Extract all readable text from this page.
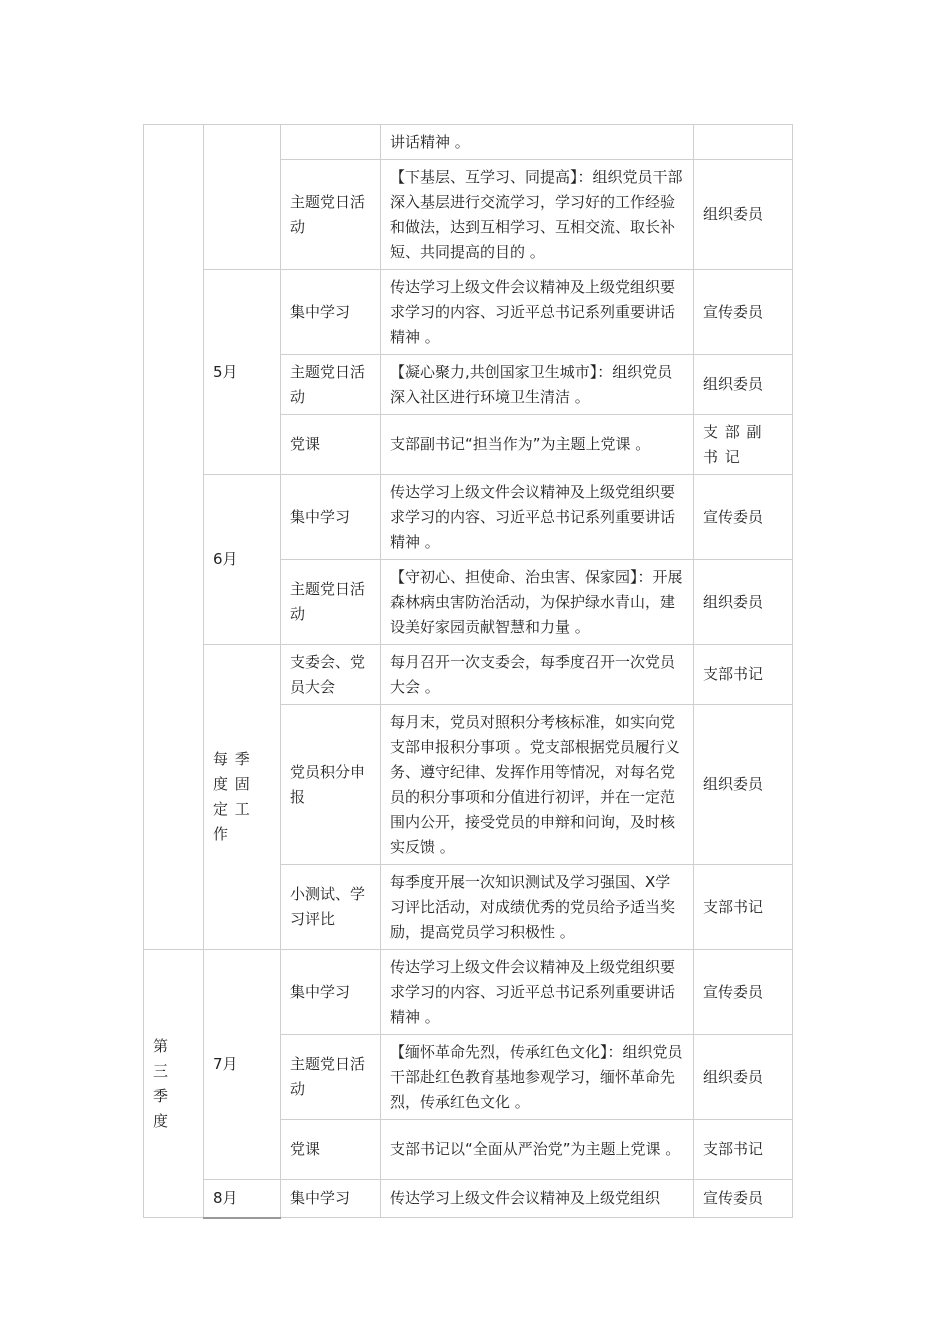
			讲话精神 。	
		主题党日活动	【下基层、互学习、同提高】：组织党员干部深入基层进行交流学习，学习好的工作经验和做法，达到互相学习、互相交流、取长补短、共同提高的目的 。	组织委员
	5月	集中学习	传达学习上级文件会议精神及上级党组织要求学习的内容、习近平总书记系列重要讲话精神 。	宣传委员
		主题党日活动	【凝心聚力,共创国家卫生城市】：组织党员深入社区进行环境卫生清洁 。	组织委员
		党课	支部副书记“担当作为”为主题上党课 。	支部副书记
	6月	集中学习	传达学习上级文件会议精神及上级党组织要求学习的内容、习近平总书记系列重要讲话精神 。	宣传委员
		主题党日活动	【守初心、担使命、治虫害、保家园】：开展森林病虫害防治活动，为保护绿水青山，建设美好家园贡献智慧和力量 。	组织委员
	每季度固定工作	支委会、党员大会	每月召开一次支委会，每季度召开一次党员大会 。	支部书记
		党员积分申报	每月末，党员对照积分考核标准，如实向党支部申报积分事项 。党支部根据党员履行义务、遵守纪律、发挥作用等情况，对每名党员的积分事项和分值进行初评，并在一定范围内公开，接受党员的申辩和问询，及时核实反馈 。	组织委员
		小测试、学习评比	每季度开展一次知识测试及学习强国、X学习评比活动，对成绩优秀的党员给予适当奖励，提高党员学习积极性 。	支部书记
第三季度	7月	集中学习	传达学习上级文件会议精神及上级党组织要求学习的内容、习近平总书记系列重要讲话精神 。	宣传委员
		主题党日活动	【缅怀革命先烈，传承红色文化】：组织党员干部赴红色教育基地参观学习，缅怀革命先烈，传承红色文化 。	组织委员
		党课	支部书记以“全面从严治党”为主题上党课 。	支部书记
	8月	集中学习	传达学习上级文件会议精神及上级党组织	宣传委员
